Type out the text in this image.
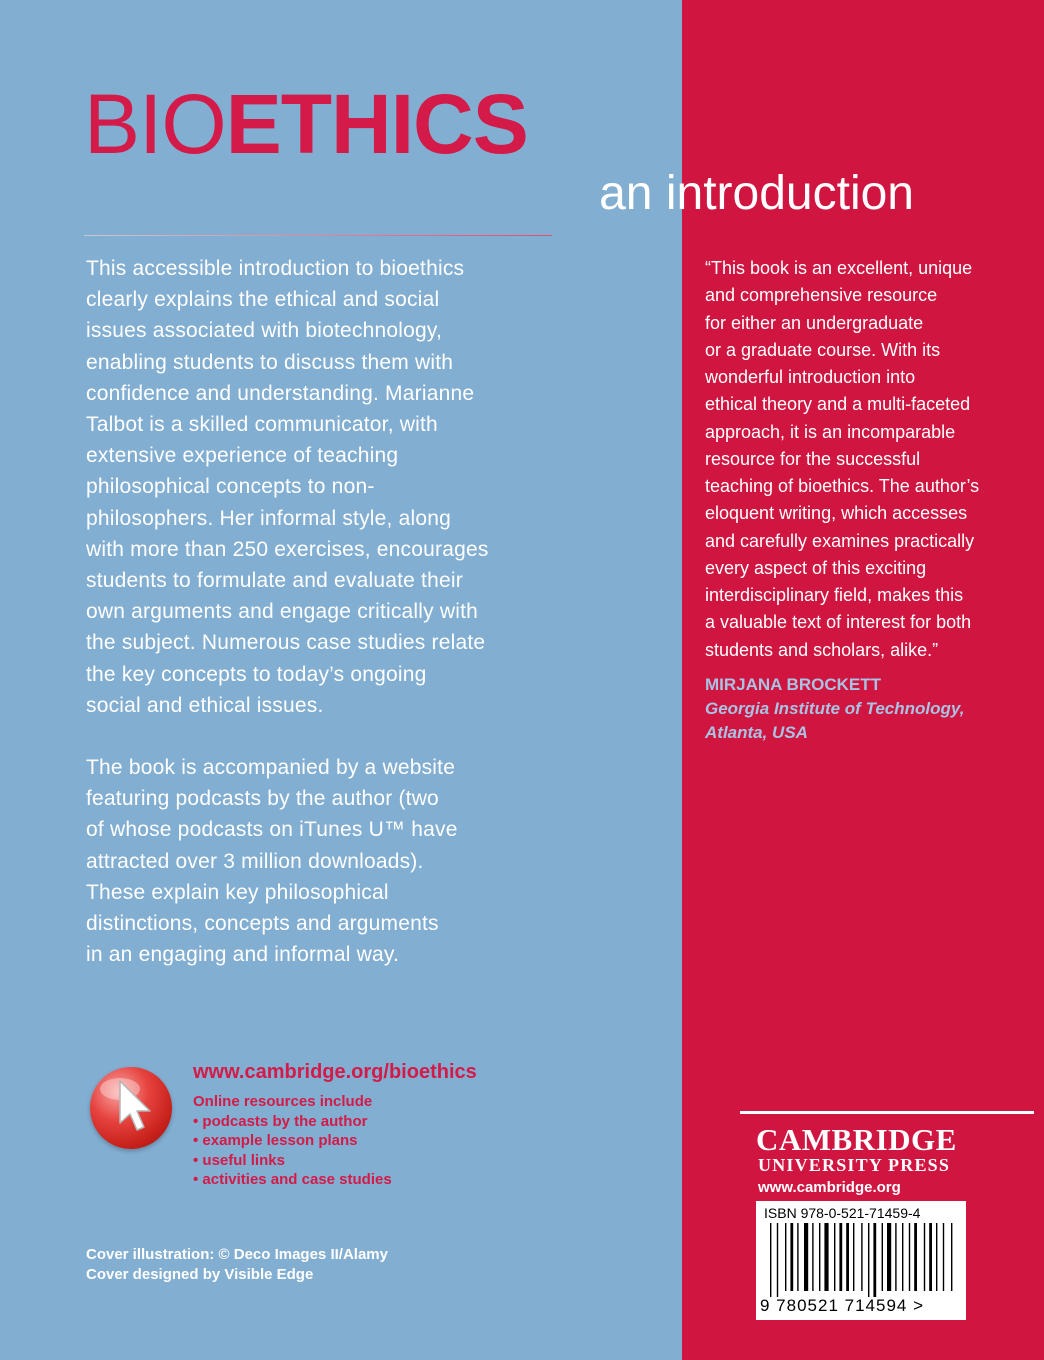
BIOETHICS
an introduction

This accessible introduction to bioethics
clearly explains the ethical and social
issues associated with biotechnology,
enabling students to discuss them with
confidence and understanding. Marianne
Talbot is a skilled communicator, with
extensive experience of teaching
philosophical concepts to non-
philosophers. Her informal style, along
with more than 250 exercises, encourages
students to formulate and evaluate their
own arguments and engage critically with
the subject. Numerous case studies relate
the key concepts to today’s ongoing
social and ethical issues.

The book is accompanied by a website
featuring podcasts by the author (two
of whose podcasts on iTunes U™ have
attracted over 3 million downloads).
These explain key philosophical
distinctions, concepts and arguments
in an engaging and informal way.

www.cambridge.org/bioethics
Online resources include
• podcasts by the author
• example lesson plans
• useful links
• activities and case studies
Cover illustration: © Deco Images II/Alamy
Cover designed by Visible Edge

“This book is an excellent, unique
and comprehensive resource
for either an undergraduate
or a graduate course. With its
wonderful introduction into
ethical theory and a multi-faceted
approach, it is an incomparable
resource for the successful
teaching of bioethics. The author’s
eloquent writing, which accesses
and carefully examines practically
every aspect of this exciting
interdisciplinary field, makes this
a valuable text of interest for both
students and scholars, alike.”

MIRJANA BROCKETT
Georgia Institute of Technology,
Atlanta, USA
CAMBRIDGE
UNIVERSITY PRESS
www.cambridge.org
ISBN 978-0-521-71459-4
9 780521 714594 >
